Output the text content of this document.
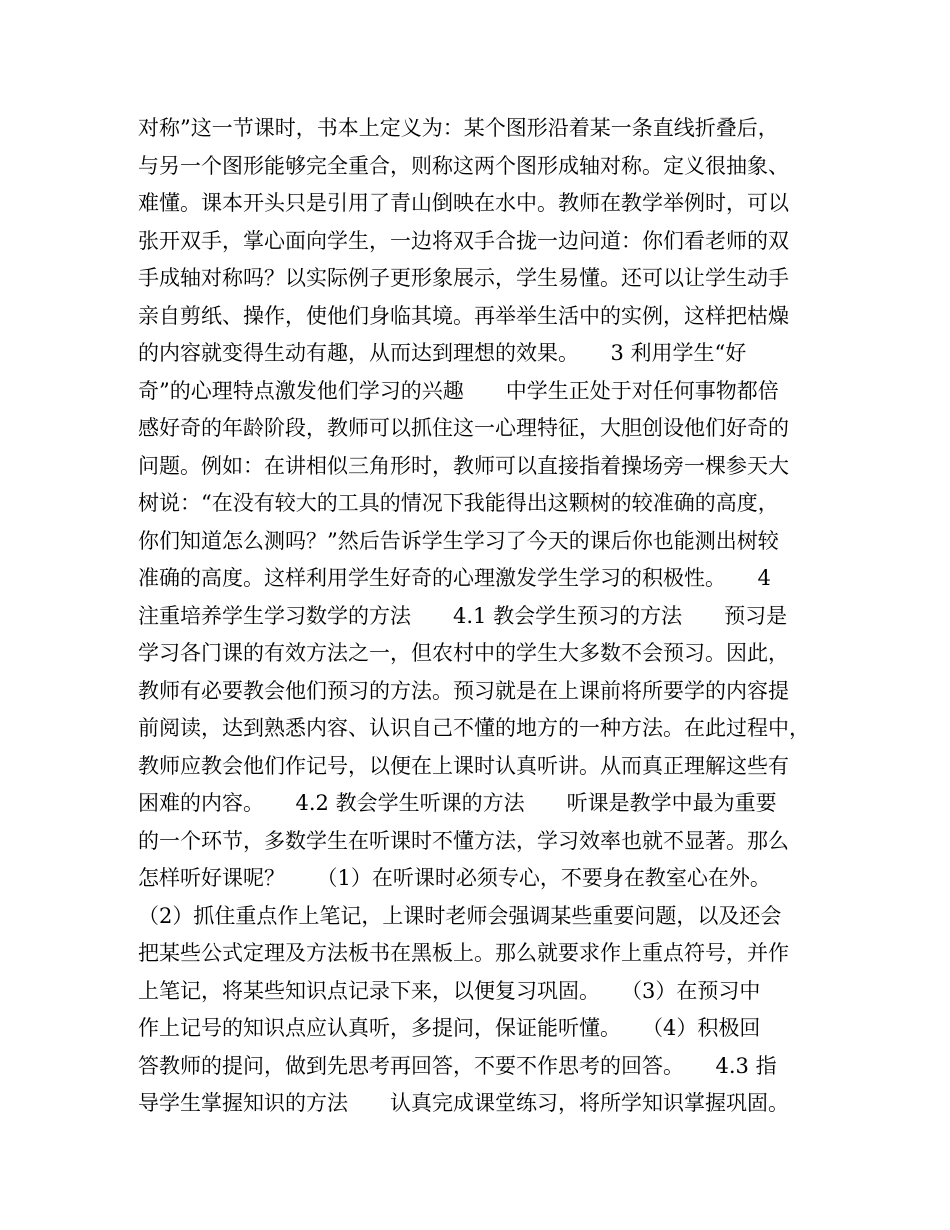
对称”这一节课时，书本上定义为：某个图形沿着某一条直线折叠后，
与另一个图形能够完全重合，则称这两个图形成轴对称。定义很抽象、
难懂。课本开头只是引用了青山倒映在水中。教师在教学举例时，可以
张开双手，掌心面向学生，一边将双手合拢一边问道：你们看老师的双
手成轴对称吗？以实际例子更形象展示，学生易懂。还可以让学生动手
亲自剪纸、操作，使他们身临其境。再举举生活中的实例，这样把枯燥
的内容就变得生动有趣，从而达到理想的效果。　　3 利用学生“好
奇”的心理特点激发他们学习的兴趣　　中学生正处于对任何事物都倍
感好奇的年龄阶段，教师可以抓住这一心理特征，大胆创设他们好奇的
问题。例如：在讲相似三角形时，教师可以直接指着操场旁一棵参天大
树说：“在没有较大的工具的情况下我能得出这颗树的较准确的高度，
你们知道怎么测吗？”然后告诉学生学习了今天的课后你也能测出树较
准确的高度。这样利用学生好奇的心理激发学生学习的积极性。　　4
注重培养学生学习数学的方法　　4.1 教会学生预习的方法　　预习是
学习各门课的有效方法之一，但农村中的学生大多数不会预习。因此，
教师有必要教会他们预习的方法。预习就是在上课前将所要学的内容提
前阅读，达到熟悉内容、认识自己不懂的地方的一种方法。在此过程中，
教师应教会他们作记号，以便在上课时认真听讲。从而真正理解这些有
困难的内容。　　4.2 教会学生听课的方法　　听课是教学中最为重要
的一个环节，多数学生在听课时不懂方法，学习效率也就不显著。那么
怎样听好课呢？　　（1）在听课时必须专心，不要身在教室心在外。
（2）抓住重点作上笔记，上课时老师会强调某些重要问题，以及还会
把某些公式定理及方法板书在黑板上。那么就要求作上重点符号，并作
上笔记，将某些知识点记录下来，以便复习巩固。　　（3）在预习中
作上记号的知识点应认真听，多提问，保证能听懂。　　（4）积极回
答教师的提问，做到先思考再回答，不要不作思考的回答。　　4.3 指
导学生掌握知识的方法　　认真完成课堂练习，将所学知识掌握巩固。
